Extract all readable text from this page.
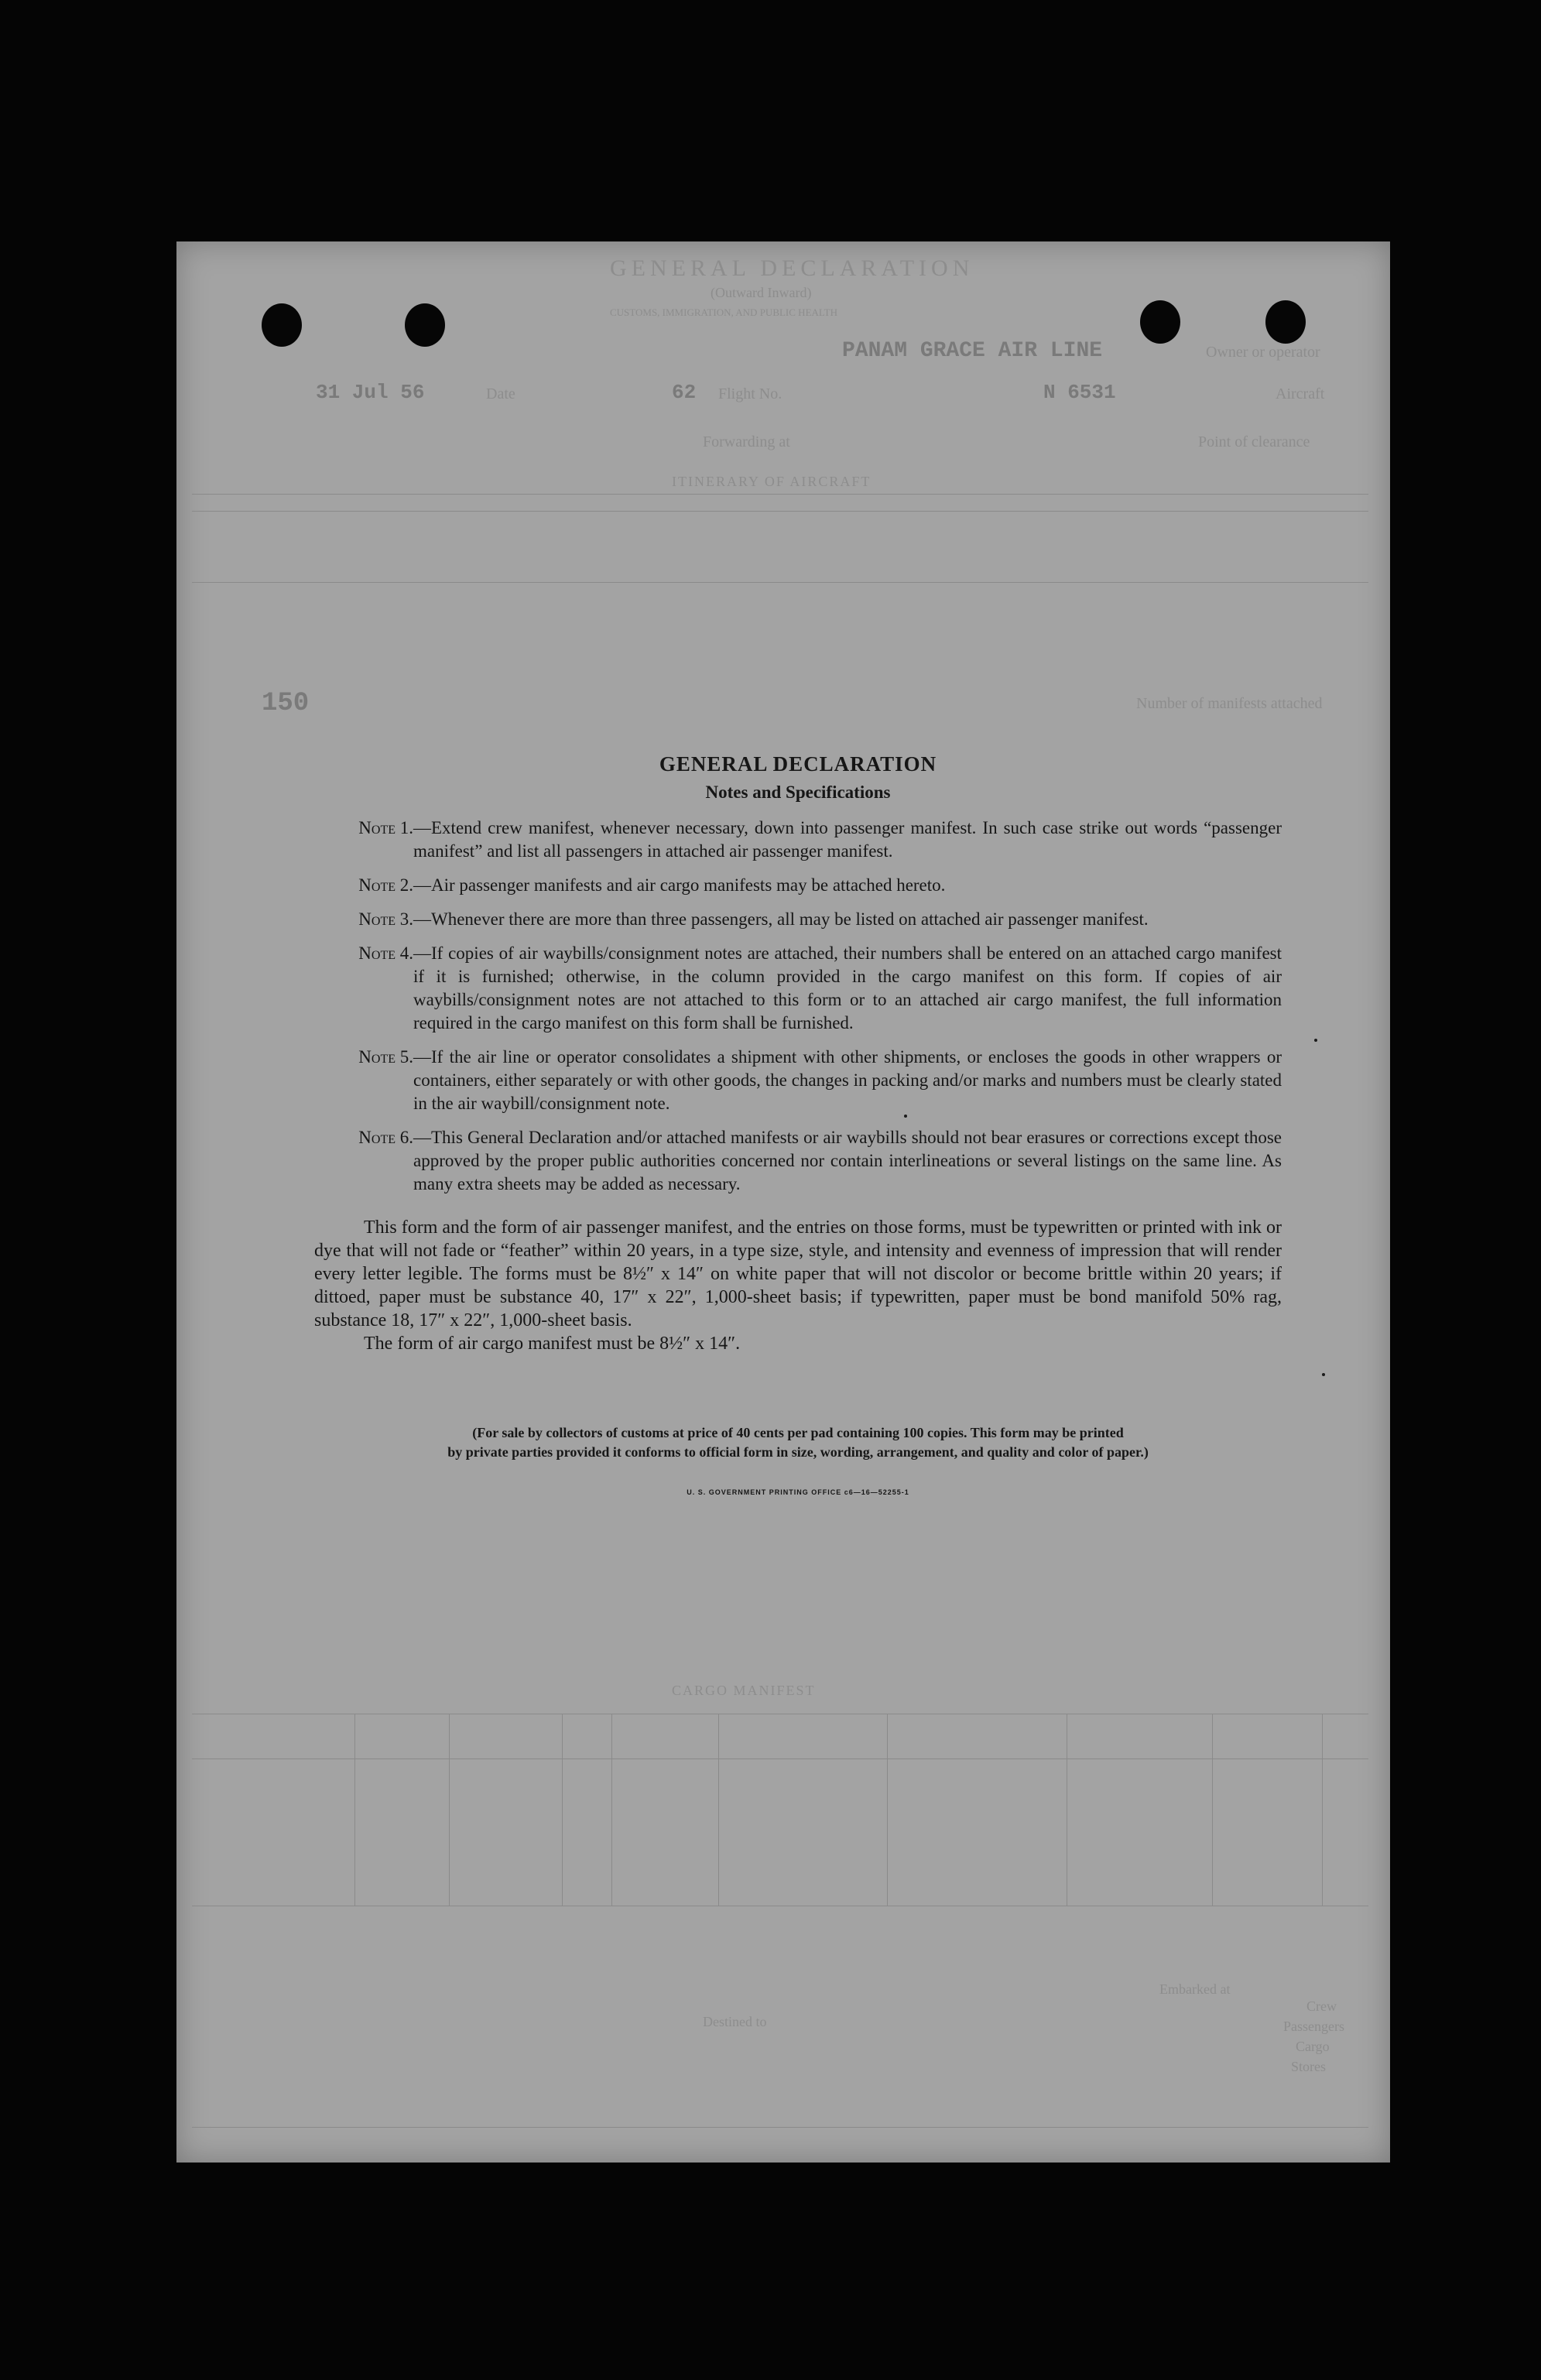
GENERAL DECLARATION
(Outward Inward)
CUSTOMS, IMMIGRATION, AND PUBLIC HEALTH
Owner or operator
PANAM GRACE AIR LINE
Aircraft
N 6531
Flight No.
62
Date
31 Jul 56
Point of clearance
Forwarding at
ITINERARY OF AIRCRAFT
Number of manifests attached
150
CARGO MANIFEST
Crew
Passengers
Cargo
Stores
Embarked at
Destined to
GENERAL DECLARATION
Notes and Specifications
Note 1. —Extend crew manifest, whenever necessary, down into passenger manifest. In such case strike out words “passenger manifest” and list all passengers in attached air passenger manifest.
Note 2. —Air passenger manifests and air cargo manifests may be attached hereto.
Note 3. —Whenever there are more than three passengers, all may be listed on attached air passenger manifest.
Note 4. —If copies of air waybills/consignment notes are attached, their numbers shall be entered on an attached cargo manifest if it is furnished; otherwise, in the column provided in the cargo manifest on this form. If copies of air waybills/consignment notes are not attached to this form or to an attached air cargo manifest, the full information required in the cargo manifest on this form shall be furnished.
Note 5. —If the air line or operator consolidates a shipment with other shipments, or encloses the goods in other wrappers or containers, either separately or with other goods, the changes in packing and/or marks and numbers must be clearly stated in the air waybill/consignment note.
Note 6. —This General Declaration and/or attached manifests or air waybills should not bear erasures or corrections except those approved by the proper public authorities concerned nor contain interlineations or several listings on the same line. As many extra sheets may be added as necessary.
This form and the form of air passenger manifest, and the entries on those forms, must be typewritten or printed with ink or dye that will not fade or “feather” within 20 years, in a type size, style, and intensity and evenness of impression that will render every letter legible. The forms must be 8½″ x 14″ on white paper that will not discolor or become brittle within 20 years; if dittoed, paper must be substance 40, 17″ x 22″, 1,000-sheet basis; if typewritten, paper must be bond manifold 50% rag, substance 18, 17″ x 22″, 1,000-sheet basis.
The form of air cargo manifest must be 8½″ x 14″.
(For sale by collectors of customs at price of 40 cents per pad containing 100 copies. This form may be printed
by private parties provided it conforms to official form in size, wording, arrangement, and quality and color of paper.)
U. S. GOVERNMENT PRINTING OFFICE c6—16—52255-1
